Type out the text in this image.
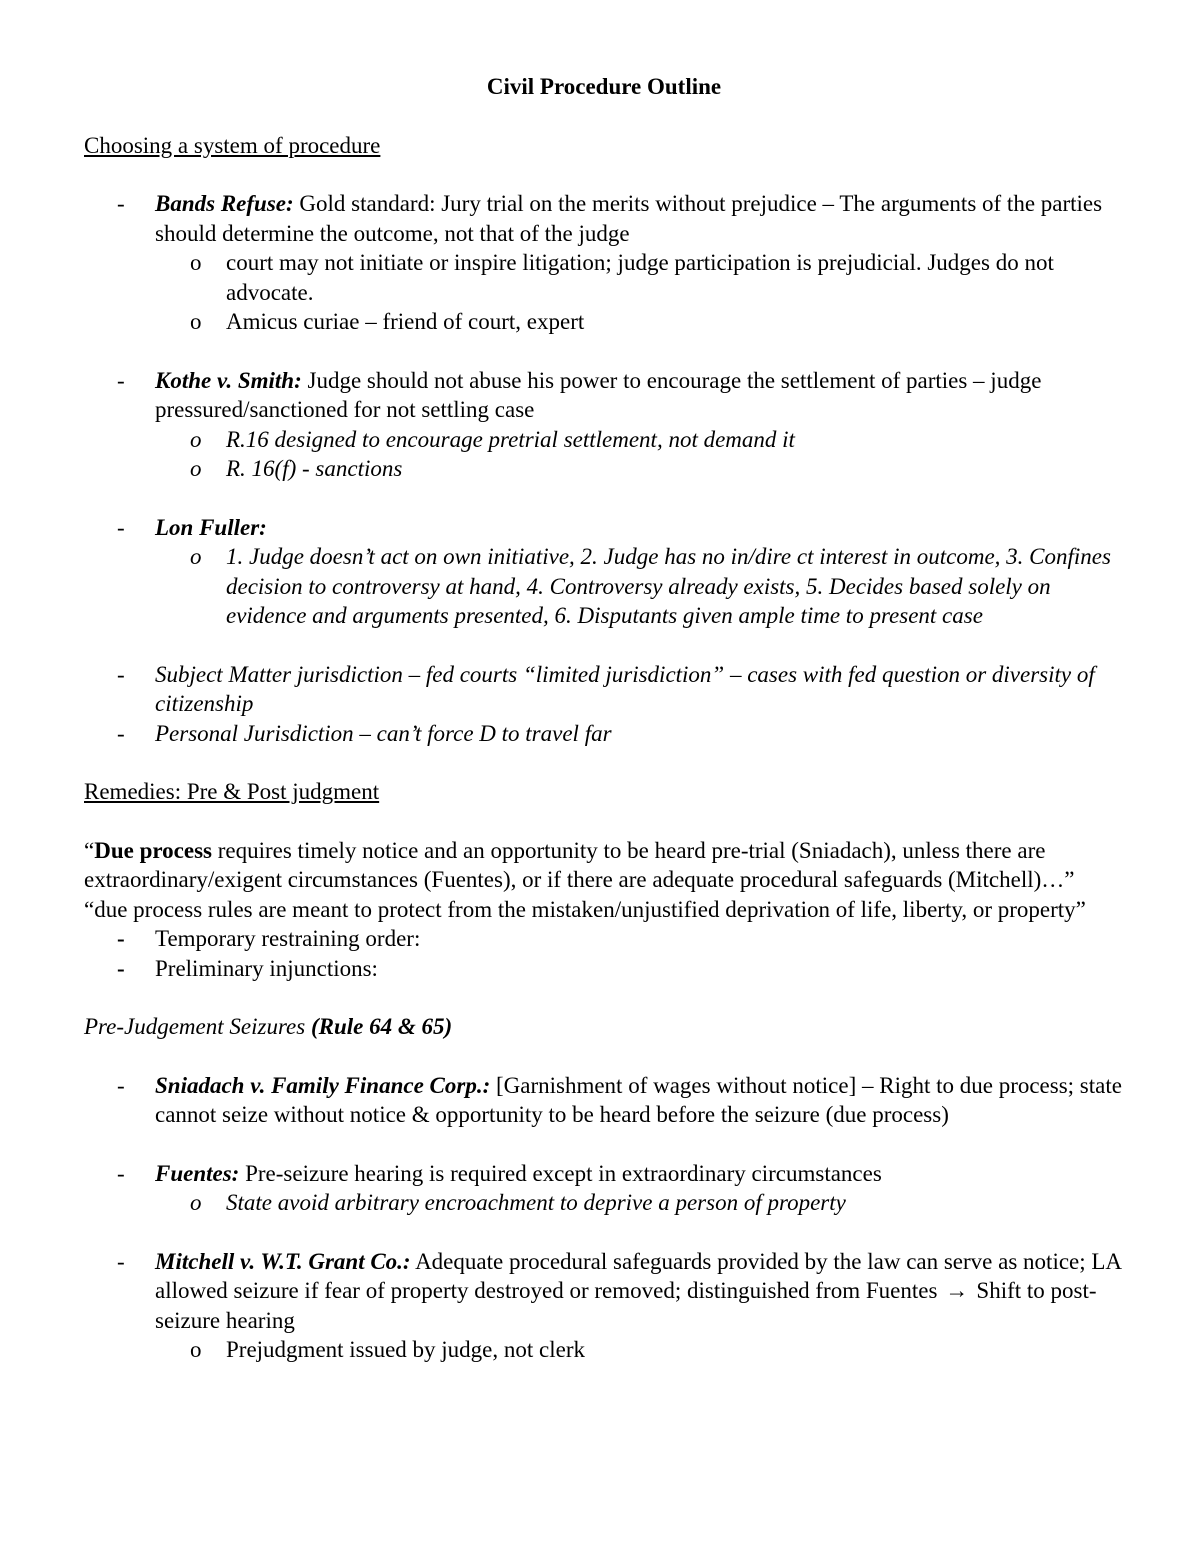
Civil Procedure Outline

Choosing a system of procedure

- Bands Refuse: Gold standard: Jury trial on the merits without prejudice – The arguments of the parties should determine the outcome, not that of the judge

o court may not initiate or inspire litigation; judge participation is prejudicial. Judges do not advocate.

o Amicus curiae – friend of court, expert

- Kothe v. Smith: Judge should not abuse his power to encourage the settlement of parties – judge pressured/sanctioned for not settling case

o R.16 designed to encourage pretrial settlement, not demand it

o R. 16(f) - sanctions

- Lon Fuller:

o 1. Judge doesn’t act on own initiative, 2. Judge has no in/dire ct interest in outcome, 3. Confines decision to controversy at hand, 4. Controversy already exists, 5. Decides based solely on evidence and arguments presented, 6. Disputants given ample time to present case

- Subject Matter jurisdiction – fed courts “limited jurisdiction” – cases with fed question or diversity of citizenship

- Personal Jurisdiction – can’t force D to travel far

Remedies: Pre & Post judgment

“Due process requires timely notice and an opportunity to be heard pre-trial (Sniadach), unless there are extraordinary/exigent circumstances (Fuentes), or if there are adequate procedural safeguards (Mitchell)…”

“due process rules are meant to protect from the mistaken/unjustified deprivation of life, liberty, or property”

- Temporary restraining order:

- Preliminary injunctions:

Pre-Judgement Seizures (Rule 64 & 65)

- Sniadach v. Family Finance Corp.: [Garnishment of wages without notice] – Right to due process; state cannot seize without notice & opportunity to be heard before the seizure (due process)

- Fuentes: Pre-seizure hearing is required except in extraordinary circumstances

o State avoid arbitrary encroachment to deprive a person of property

- Mitchell v. W.T. Grant Co.: Adequate procedural safeguards provided by the law can serve as notice; LA allowed seizure if fear of property destroyed or removed; distinguished from Fuentes → Shift to post-seizure hearing

o Prejudgment issued by judge, not clerk
